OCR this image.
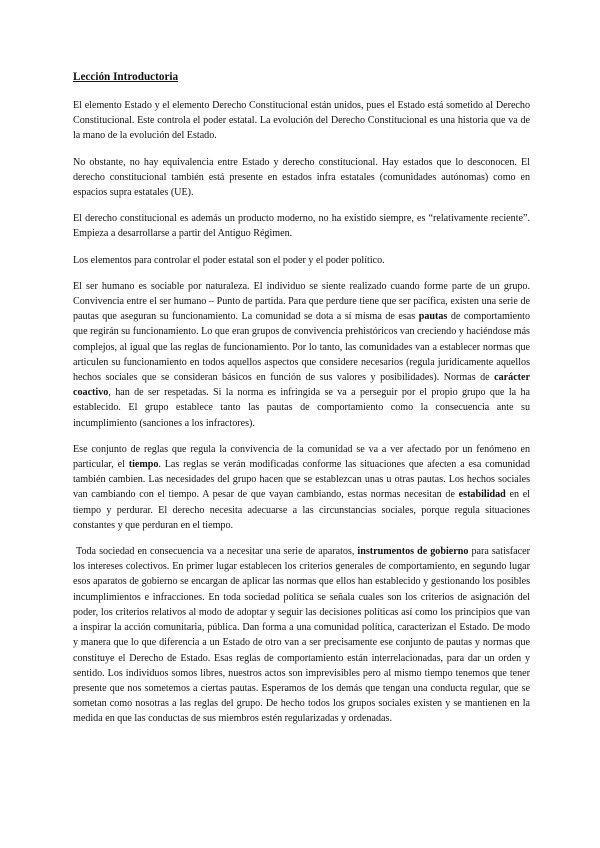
Lección Introductoria

El elemento Estado y el elemento Derecho Constitucional están unidos, pues el Estado está sometido al Derecho Constitucional. Este controla el poder estatal. La evolución del Derecho Constitucional es una historia que va de la mano de la evolución del Estado.

No obstante, no hay equivalencia entre Estado y derecho constitucional. Hay estados que lo desconocen. El derecho constitucional también está presente en estados infra estatales (comunidades autónomas) como en espacios supra estatales (UE).

El derecho constitucional es además un producto moderno, no ha existido siempre, es “relativamente reciente”. Empieza a desarrollarse a partir del Antiguo Régimen.

Los elementos para controlar el poder estatal son el poder y el poder político.

El ser humano es sociable por naturaleza. El individuo se siente realizado cuando forme parte de un grupo. Convivencia entre el ser humano – Punto de partida. Para que perdure tiene que ser pacífica, existen una serie de pautas que aseguran su funcionamiento. La comunidad se dota a sí misma de esas pautas de comportamiento que regirán su funcionamiento. Lo que eran grupos de convivencia prehistóricos van creciendo y haciéndose más complejos, al igual que las reglas de funcionamiento. Por lo tanto, las comunidades van a establecer normas que articulen su funcionamiento en todos aquellos aspectos que considere necesarios (regula jurídicamente aquellos hechos sociales que se consideran básicos en función de sus valores y posibilidades). Normas de carácter coactivo, han de ser respetadas. Si la norma es infringida se va a perseguir por el propio grupo que la ha establecido. El grupo establece tanto las pautas de comportamiento como la consecuencia ante su incumplimiento (sanciones a los infractores).

Ese conjunto de reglas que regula la convivencia de la comunidad se va a ver afectado por un fenómeno en particular, el tiempo. Las reglas se verán modificadas conforme las situaciones que afecten a esa comunidad también cambien. Las necesidades del grupo hacen que se establezcan unas u otras pautas. Los hechos sociales van cambiando con el tiempo. A pesar de que vayan cambiando, estas normas necesitan de estabilidad en el tiempo y perdurar. El derecho necesita adecuarse a las circunstancias sociales, porque regula situaciones constantes y que perduran en el tiempo.

Toda sociedad en consecuencia va a necesitar una serie de aparatos, instrumentos de gobierno para satisfacer los intereses colectivos. En primer lugar establecen los criterios generales de comportamiento, en segundo lugar esos aparatos de gobierno se encargan de aplicar las normas que ellos han establecido y gestionando los posibles incumplimientos e infracciones. En toda sociedad política se señala cuales son los criterios de asignación del poder, los criterios relativos al modo de adoptar y seguir las decisiones políticas así como los principios que van a inspirar la acción comunitaria, pública. Dan forma a una comunidad política, caracterizan el Estado. De modo y manera que lo que diferencia a un Estado de otro van a ser precisamente ese conjunto de pautas y normas que constituye el Derecho de Estado. Esas reglas de comportamiento están interrelacionadas, para dar un orden y sentido. Los individuos somos libres, nuestros actos son imprevisibles pero al mismo tiempo tenemos que tener presente que nos sometemos a ciertas pautas. Esperamos de los demás que tengan una conducta regular, que se sometan como nosotras a las reglas del grupo. De hecho todos los grupos sociales existen y se mantienen en la medida en que las conductas de sus miembros estén regularizadas y ordenadas.
